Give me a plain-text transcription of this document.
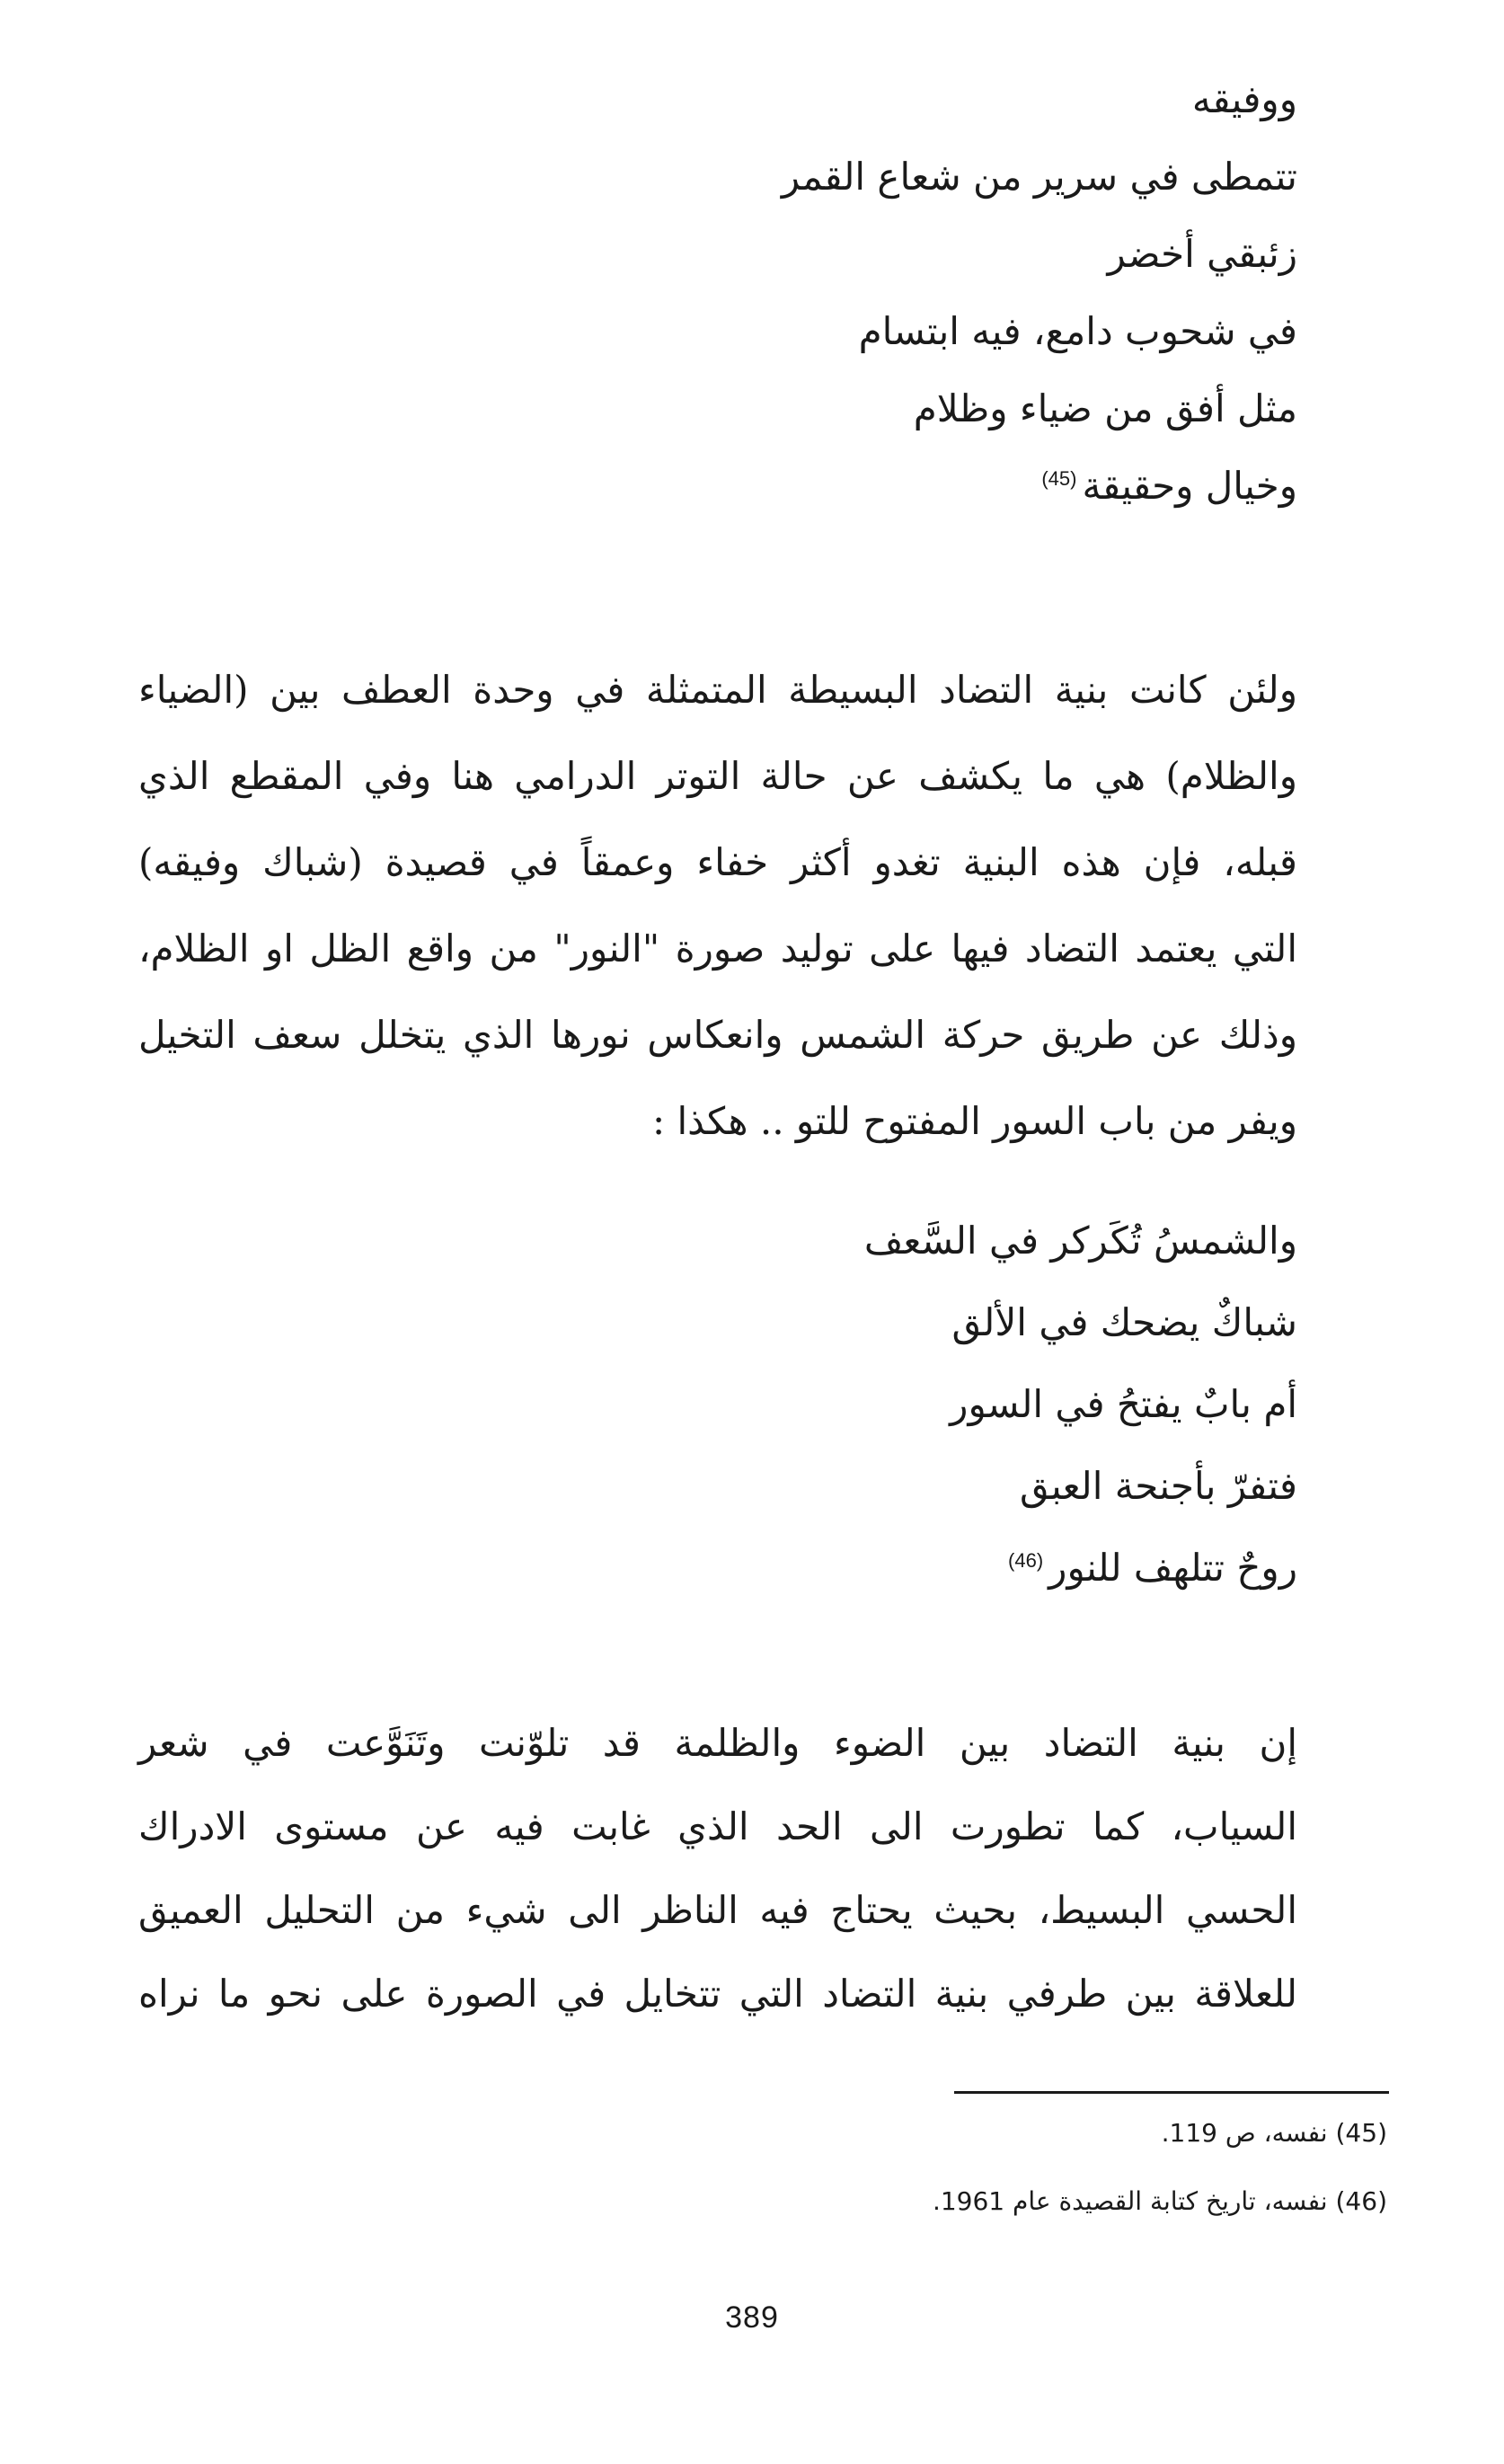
ووفيقه
تتمطى في سرير من شعاع القمر
زئبقي أخضر
في شحوب دامع، فيه ابتسام
مثل أفق من ضياء وظلام
وخيال وحقيقة$^{(45)}$
ولئن كانت بنية التضاد البسيطة المتمثلة في وحدة العطف بين (الضياء
والظلام) هي ما يكشف عن حالة التوتر الدرامي هنا وفي المقطع الذي
قبله، فإن هذه البنية تغدو أكثر خفاء وعمقاً في قصيدة (شباك وفيقه)
التي يعتمد التضاد فيها على توليد صورة "النور" من واقع الظل او الظلام،
وذلك عن طريق حركة الشمس وانعكاس نورها الذي يتخلل سعف التخيل
ويفر من باب السور المفتوح للتو .. هكذا :
والشمسُ تُكَركر في السَّعف
شباكٌ يضحك في الألق
أم بابٌ يفتحُ في السور
فتفرّ بأجنحة العبق
روحٌ تتلهف للنور$^{(46)}$
إن بنية التضاد بين الضوء والظلمة قد تلوّنت وتَنَوَّعت في شعر
السياب، كما تطورت الى الحد الذي غابت فيه عن مستوى الادراك
الحسي البسيط، بحيث يحتاج فيه الناظر الى شيء من التحليل العميق
للعلاقة بين طرفي بنية التضاد التي تتخايل في الصورة على نحو ما نراه
(45) نفسه، ص 119.
(46) نفسه، تاريخ كتابة القصيدة عام 1961.
389
